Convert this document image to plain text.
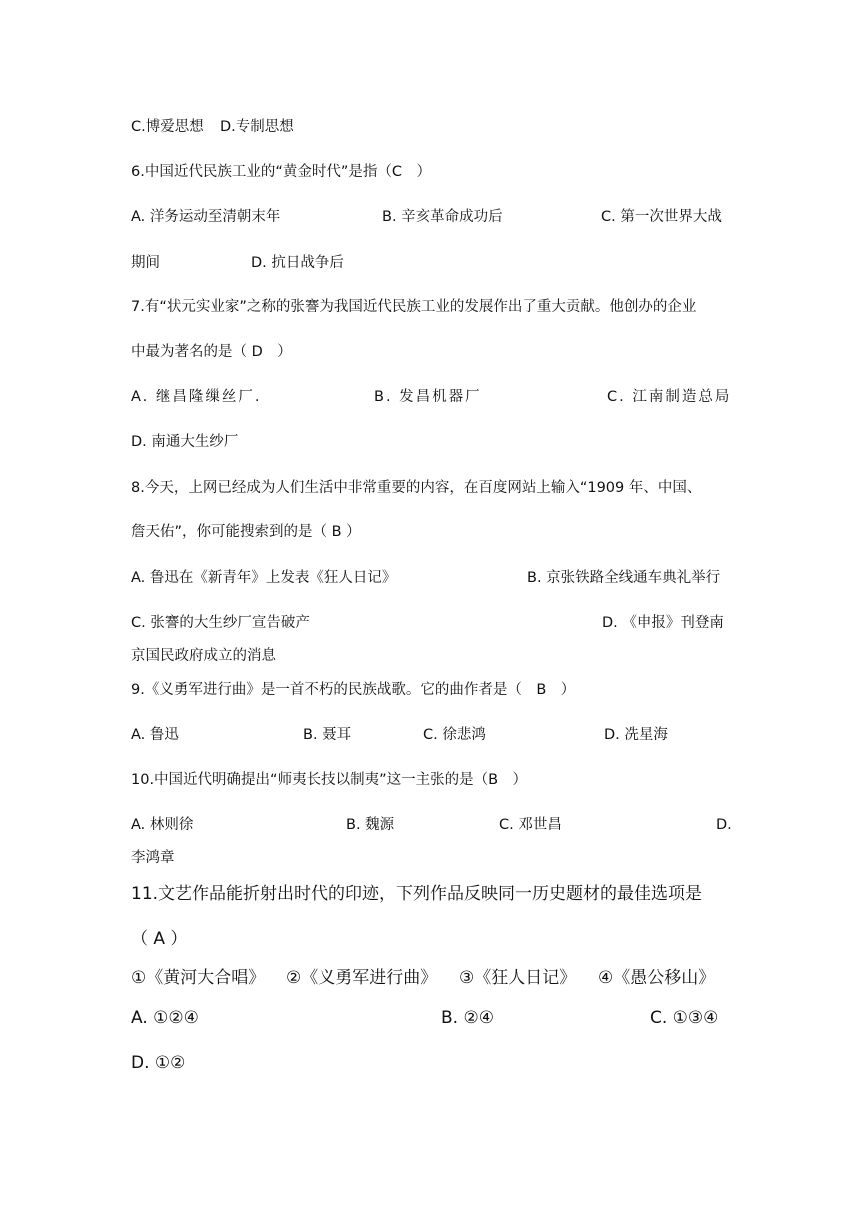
C.博爱思想 D.专制思想
6.中国近代民族工业的“黄金时代”是指（C　）
A. 洋务运动至清朝末年	B. 辛亥革命成功后	C. 第一次世界大战
期间	D. 抗日战争后
7.有“状元实业家”之称的张謇为我国近代民族工业的发展作出了重大贡献。他创办的企业
中最为著名的是（ D　）
A. 继昌隆缫丝厂.	B. 发昌机器厂	C. 江南制造总局
D. 南通大生纱厂
8.今天，上网已经成为人们生活中非常重要的内容，在百度网站上输入“1909 年、中国、
詹天佑”，你可能搜索到的是（ B ）
A. 鲁迅在《新青年》上发表《狂人日记》	B. 京张铁路全线通车典礼举行
C. 张謇的大生纱厂宣告破产	D. 《申报》刊登南
京国民政府成立的消息
9.《义勇军进行曲》是一首不朽的民族战歌。它的曲作者是（　B　）
A. 鲁迅	B. 聂耳	C. 徐悲鸿	D. 冼星海
10.中国近代明确提出“师夷长技以制夷”这一主张的是（B　）
A. 林则徐	B. 魏源	C. 邓世昌	D.
李鸿章
11.文艺作品能折射出时代的印迹，下列作品反映同一历史题材的最佳选项是
（ A ）
①《黄河大合唱》 ②《义勇军进行曲》 ③《狂人日记》 ④《愚公移山》
A. ①②④	B. ②④	C. ①③④
D. ①②
